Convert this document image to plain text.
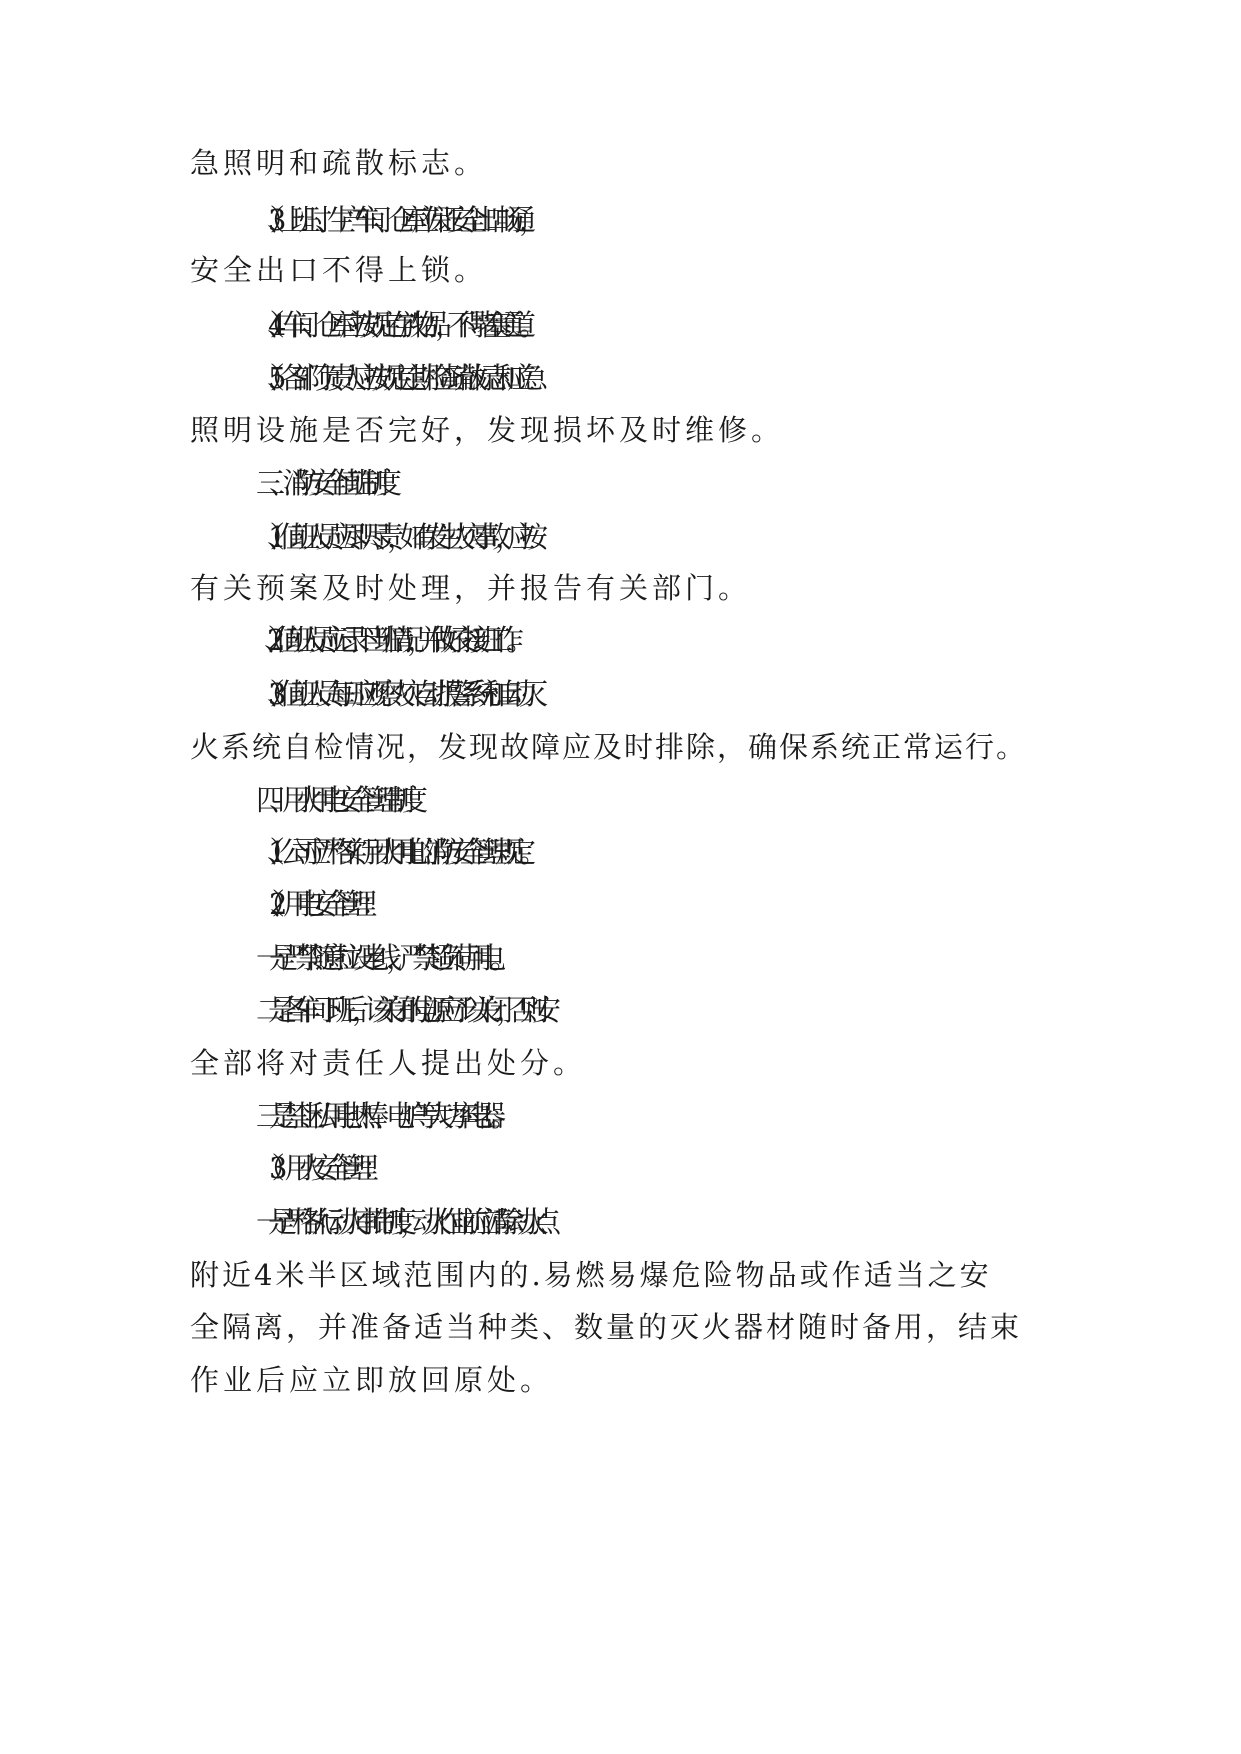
急照明和疏散标志。

（3）、上班时、生产车间、仓库应保证安全出口畅通，

安全出口不得上锁。

（4）、车间、仓库应按规定存放物品，不得堵塞通道。

（5）、各部门负责人应按规定定期检查疏散标志和应急

照明设施是否完好，发现损坏及时维修。

三、消防安全值班制度

（1）、值班人员应尽职尽责，如有发生火灾事故，应按

有关预案及时处理，并报告有关部门。

（2）、值班人员应记录下当班情况，并做好交接班工作。

（3）、值班人员每日应观察火灾自动报警系统和自动灭

火系统自检情况，发现故障应及时排除，确保系统正常运行。

四、用火用电安全管理制度

（1）、公司应严格实行用火用电的消防安全管理规定。

（2）、用电安全管理：

一是严禁随意拉设电线，严禁超负荷用电。

二是各车间下班后，该关闭的电源应予以关闭，否则安

全部将对责任人提出处分。

三是禁止私用电热棒、电炉等大功率电器。

（3）用火安全管理：

一是严格执行动火审批制度，动火作业前应清除动火点

附近4米半区域范围内的.易燃易爆危险物品或作适当之安

全隔离，并准备适当种类、数量的灭火器材随时备用，结束

作业后应立即放回原处。
